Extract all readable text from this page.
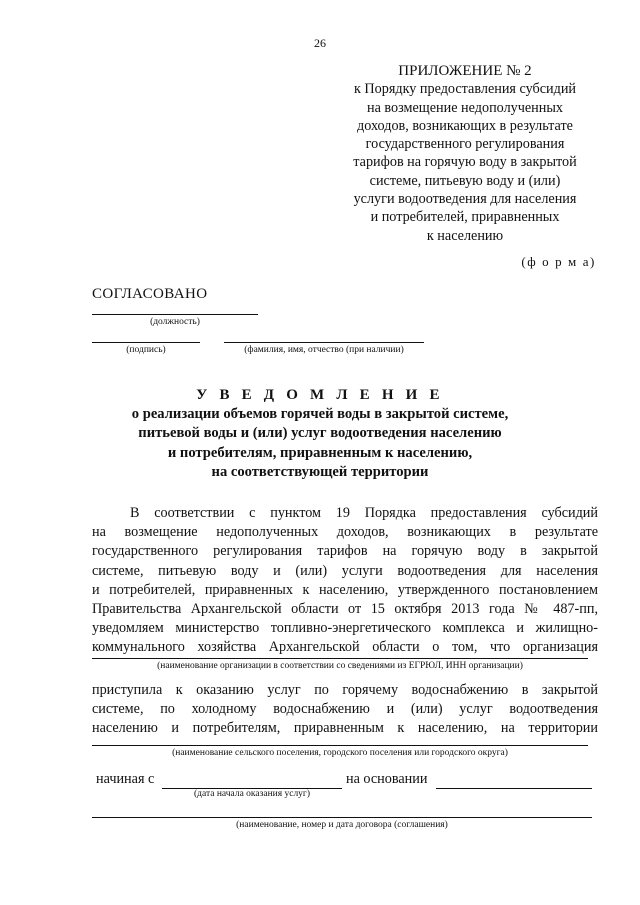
26
ПРИЛОЖЕНИЕ № 2
к Порядку предоставления субсидий
на возмещение недополученных
доходов, возникающих в результате
государственного регулирования
тарифов на горячую воду в закрытой
системе, питьевую воду и (или)
услуги водоотведения для населения
и потребителей, приравненных
к населению
(ф о р м а)
СОГЛАСОВАНО
(должность)
(подпись)	(фамилия, имя, отчество (при наличии)
У В Е Д О М Л Е Н И Е
о реализации объемов горячей воды в закрытой системе,
питьевой воды и (или) услуг водоотведения населению
и потребителям, приравненным к населению,
на соответствующей территории
В соответствии с пунктом 19 Порядка предоставления субсидий
на возмещение недополученных доходов, возникающих в результате
государственного регулирования тарифов на горячую воду в закрытой
системе, питьевую воду и (или) услуги водоотведения для населения
и потребителей, приравненных к населению, утвержденного постановлением
Правительства Архангельской области от 15 октября 2013 года № 487-пп,
уведомляем министерство топливно-энергетического комплекса и жилищно-
коммунального хозяйства Архангельской области о том, что организация
(наименование организации в соответствии со сведениями из ЕГРЮЛ, ИНН организации)
приступила к оказанию услуг по горячему водоснабжению в закрытой
системе, по холодному водоснабжению и (или) услуг водоотведения
населению и потребителям, приравненным к населению, на территории
(наименование сельского поселения, городского поселения или городского округа)
начиная с
(дата начала оказания услуг)
на основании
(наименование, номер и дата договора (соглашения)
